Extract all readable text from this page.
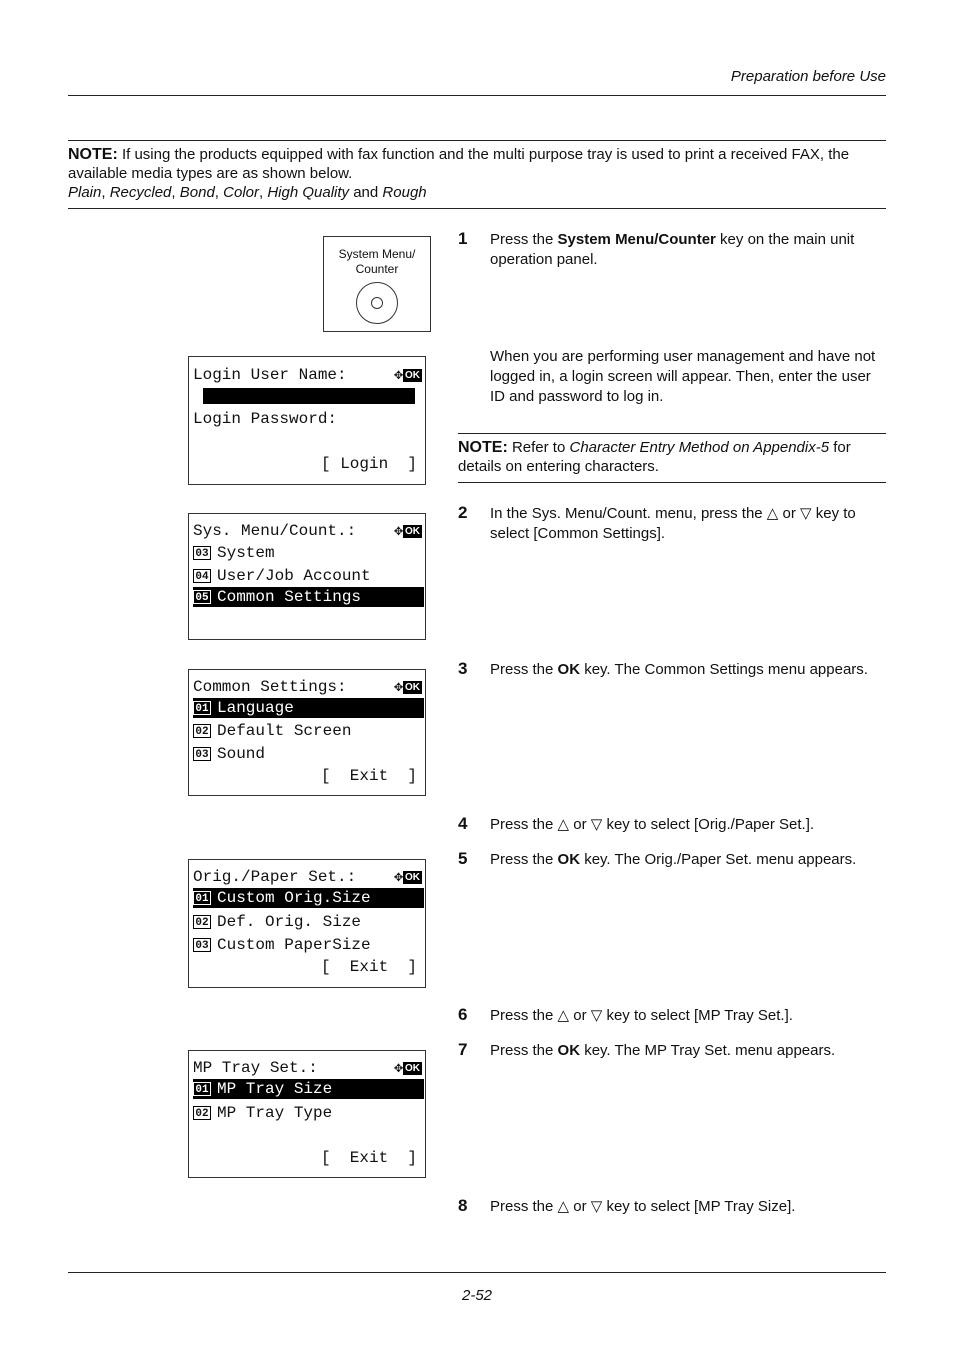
Preparation before Use
NOTE: If using the products equipped with fax function and the multi purpose tray is used to print a received FAX, the available media types are as shown below.
Plain, Recycled, Bond, Color, High Quality and Rough
System Menu/
Counter
1 Press the System Menu/Counter key on the main unit operation panel.
When you are performing user management and have not logged in, a login screen will appear. Then, enter the user ID and password to log in.
NOTE: Refer to Character Entry Method on Appendix-5 for details on entering characters.
Login User Name:	✥ OK
Login Password:
[ Login  ]
Sys. Menu/Count.:	✥ OK
03 System
04 User/Job Account
05 Common Settings
2 In the Sys. Menu/Count. menu, press the △ or ▽ key to select [Common Settings].
Common Settings:	✥ OK
01 Language
02 Default Screen
03 Sound
[  Exit  ]
3 Press the OK key. The Common Settings menu appears.
4 Press the △ or ▽ key to select [Orig./Paper Set.].
5 Press the OK key. The Orig./Paper Set. menu appears.
Orig./Paper Set.:	✥ OK
01 Custom Orig.Size
02 Def. Orig. Size
03 Custom PaperSize
[  Exit  ]
6 Press the △ or ▽ key to select [MP Tray Set.].
7 Press the OK key. The MP Tray Set. menu appears.
MP Tray Set.:	✥ OK
01 MP Tray Size
02 MP Tray Type
[  Exit  ]
8 Press the △ or ▽ key to select [MP Tray Size].
2-52
